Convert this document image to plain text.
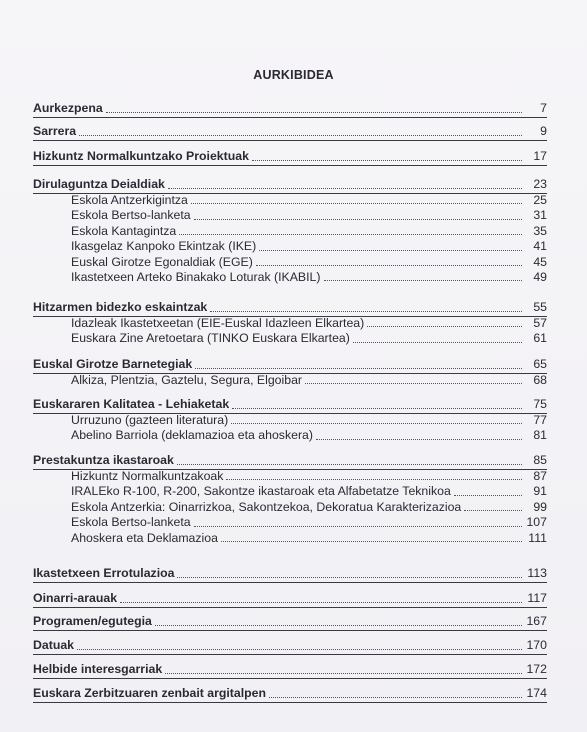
AURKIBIDEA
Aurkezpena	7
Sarrera	9
Hizkuntz Normalkuntzako Proiektuak	17
Dirulaguntza Deialdiak	23
Eskola Antzerkigintza	25
Eskola Bertso-lanketa	31
Eskola Kantagintza	35
Ikasgelaz Kanpoko Ekintzak (IKE)	41
Euskal Girotze Egonaldiak (EGE)	45
Ikastetxeen Arteko Binakako Loturak (IKABIL)	49
Hitzarmen bidezko eskaintzak	55
Idazleak Ikastetxeetan (EIE-Euskal Idazleen Elkartea)	57
Euskara Zine Aretoetara (TINKO Euskara Elkartea)	61
Euskal Girotze Barnetegiak	65
Alkiza, Plentzia, Gaztelu, Segura, Elgoibar	68
Euskararen Kalitatea - Lehiaketak	75
Urruzuno (gazteen literatura)	77
Abelino Barriola (deklamazioa eta ahoskera)	81
Prestakuntza ikastaroak	85
Hizkuntz Normalkuntzakoak	87
IRALEko R-100, R-200, Sakontze ikastaroak eta Alfabetatze Teknikoa	91
Eskola Antzerkia: Oinarrizkoa, Sakontzekoa, Dekoratua Karakterizazioa	99
Eskola Bertso-lanketa	107
Ahoskera eta Deklamazioa	111
Ikastetxeen Errotulazioa	113
Oinarri-arauak	117
Programen/egutegia	167
Datuak	170
Helbide interesgarriak	172
Euskara Zerbitzuaren zenbait argitalpen	174
